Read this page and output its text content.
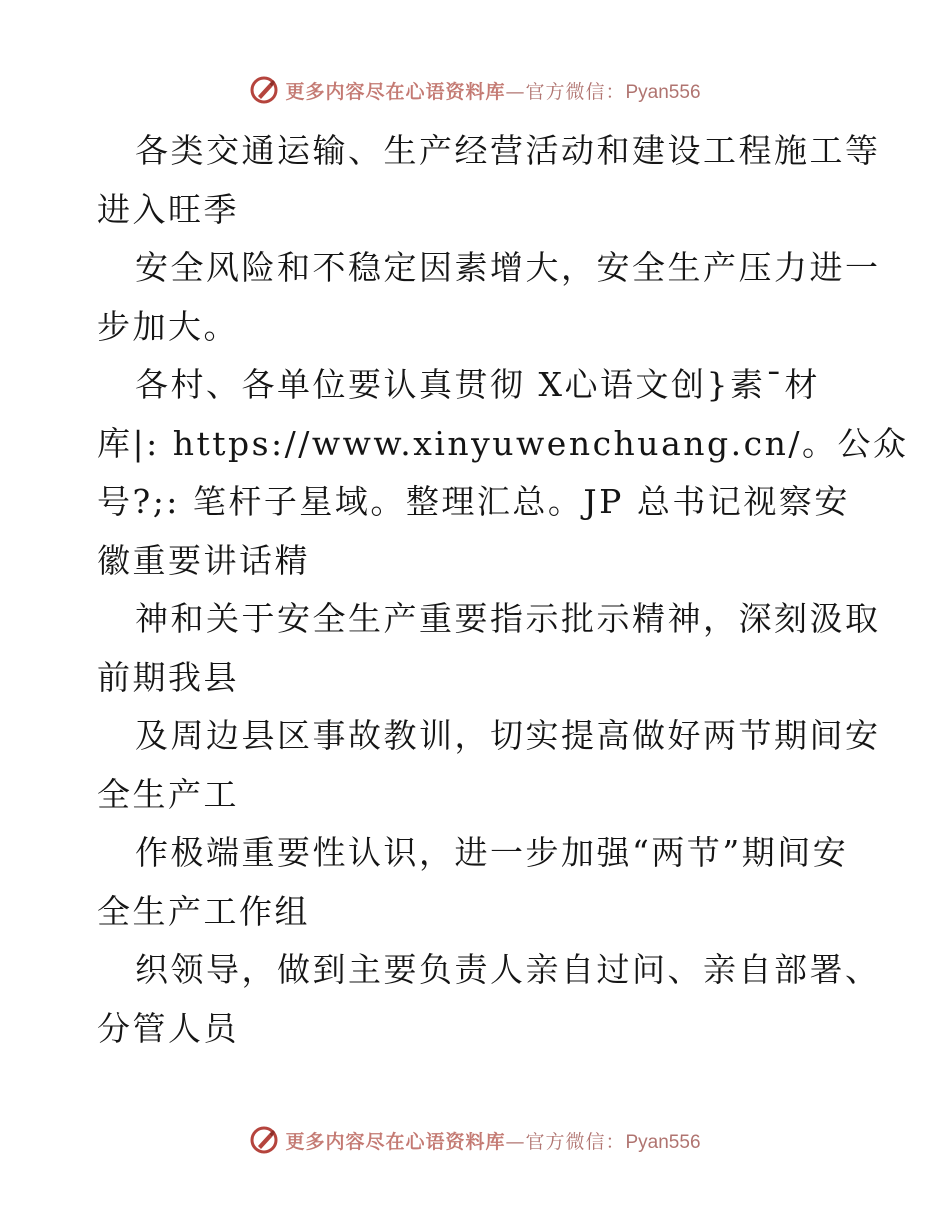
更多内容尽在心语资料库—官方微信：Pyan556

各类交通运输、生产经营活动和建设工程施工等

进入旺季

安全风险和不稳定因素增大，安全生产压力进一

步加大。

各村、各单位要认真贯彻 X心语文创}素¯材

库|: https://www.xinyuwenchuang.cn/。公众

号?;: 笔杆子星域。整理汇总。JP 总书记视察安

徽重要讲话精

神和关于安全生产重要指示批示精神，深刻汲取

前期我县

及周边县区事故教训，切实提高做好两节期间安

全生产工

作极端重要性认识，进一步加强“两节”期间安

全生产工作组

织领导，做到主要负责人亲自过问、亲自部署、

分管人员

更多内容尽在心语资料库—官方微信：Pyan556
